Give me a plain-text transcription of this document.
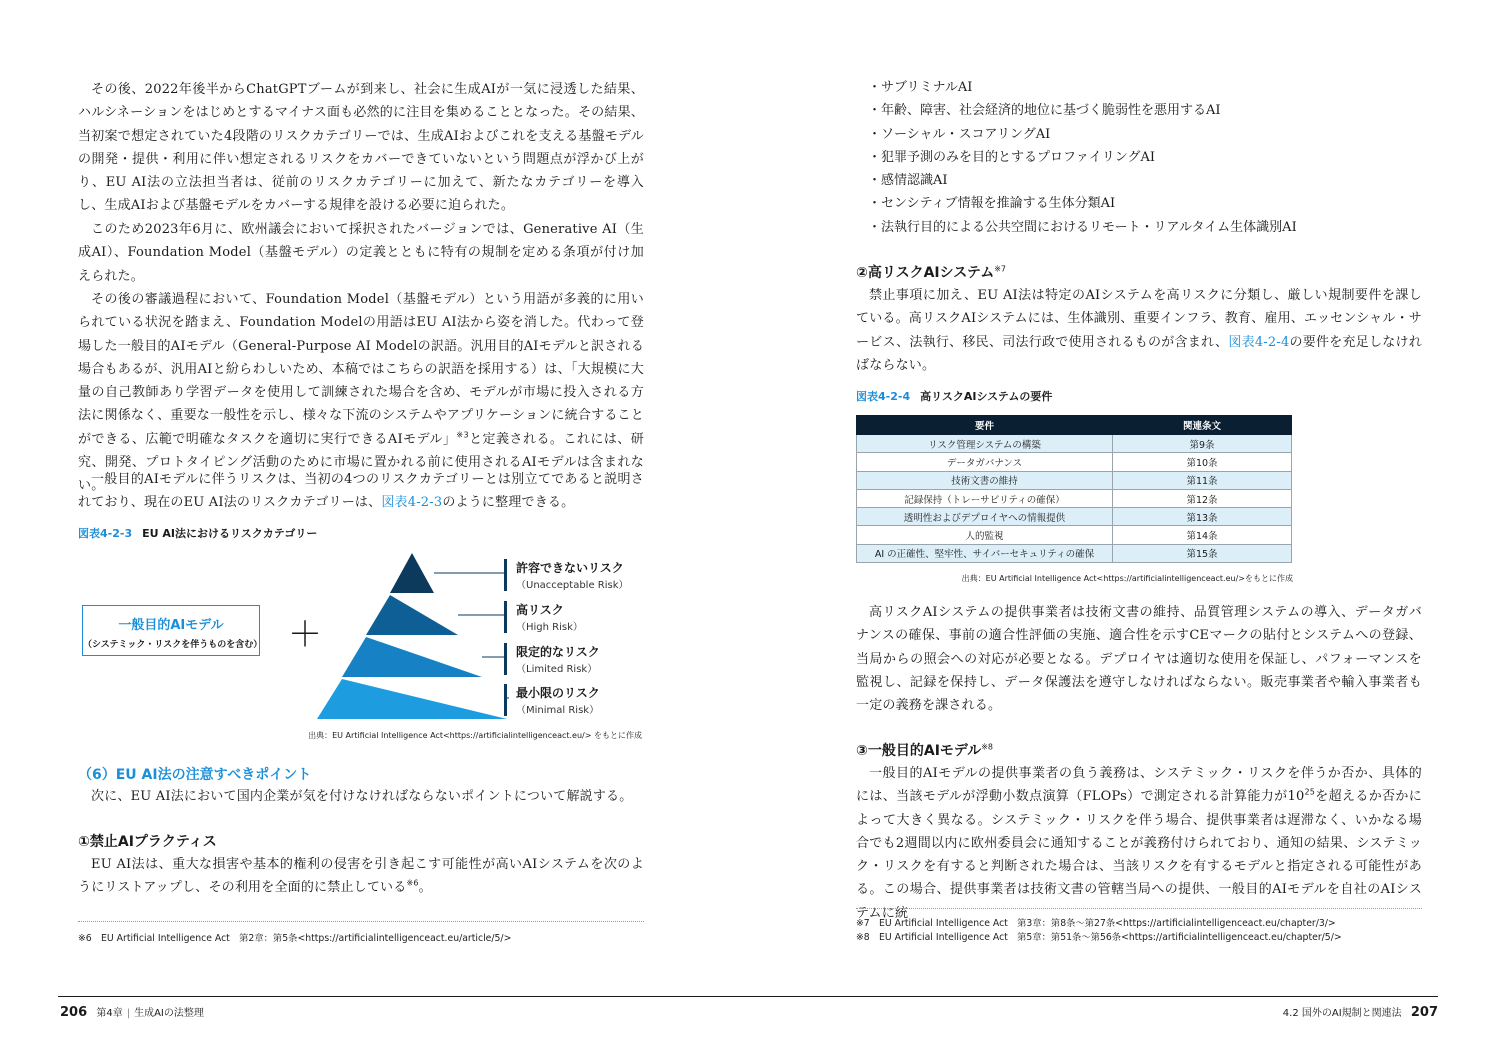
その後、2022年後半からChatGPTブームが到来し、社会に生成AIが一気に浸透した結果、ハルシネーションをはじめとするマイナス面も必然的に注目を集めることとなった。その結果、当初案で想定されていた4段階のリスクカテゴリーでは、生成AIおよびこれを支える基盤モデルの開発・提供・利用に伴い想定されるリスクをカバーできていないという問題点が浮かび上がり、EU AI法の立法担当者は、従前のリスクカテゴリーに加えて、新たなカテゴリーを導入し、生成AIおよび基盤モデルをカバーする規律を設ける必要に迫られた。

このため2023年6月に、欧州議会において採択されたバージョンでは、Generative AI（生成AI）、Foundation Model（基盤モデル）の定義とともに特有の規制を定める条項が付け加えられた。

その後の審議過程において、Foundation Model（基盤モデル）という用語が多義的に用いられている状況を踏まえ、Foundation Modelの用語はEU AI法から姿を消した。代わって登場した一般目的AIモデル（General-Purpose AI Modelの訳語。汎用目的AIモデルと訳される場合もあるが、汎用AIと紛らわしいため、本稿ではこちらの訳語を採用する）は、「大規模に大量の自己教師あり学習データを使用して訓練された場合を含め、モデルが市場に投入される方法に関係なく、重要な一般性を示し、様々な下流のシステムやアプリケーションに統合することができる、広範で明確なタスクを適切に実行できるAIモデル」$^{※3}$と定義される。これには、研究、開発、プロトタイピング活動のために市場に置かれる前に使用されるAIモデルは含まれない。

一般目的AIモデルに伴うリスクは、当初の4つのリスクカテゴリーとは別立てであると説明されており、現在のEU AI法のリスクカテゴリーは、図表4-2-3のように整理できる。

図表4-2-3 EU AI法におけるリスクカテゴリー
一般目的AIモデル
（システミック・リスクを伴うものを含む） ＋
許容できないリスク
（Unacceptable Risk）
高リスク
（High Risk）
限定的なリスク
（Limited Risk）
最小限のリスク
（Minimal Risk）
出典：EU Artificial Intelligence Act<https://artificialintelligenceact.eu/> をもとに作成
（6）EU AI法の注意すべきポイント

次に、EU AI法において国内企業が気を付けなければならないポイントについて解説する。

①禁止AIプラクティス

EU AI法は、重大な損害や基本的権利の侵害を引き起こす可能性が高いAIシステムを次のようにリストアップし、その利用を全面的に禁止している$^{※6}$。

※6　EU Artificial Intelligence Act　第2章：第5条<https://artificialintelligenceact.eu/article/5/>
206 第4章 | 生成AIの法整理
・サブリミナルAI
・年齢、障害、社会経済的地位に基づく脆弱性を悪用するAI
・ソーシャル・スコアリングAI
・犯罪予測のみを目的とするプロファイリングAI
・感情認識AI
・センシティブ情報を推論する生体分類AI
・法執行目的による公共空間におけるリモート・リアルタイム生体識別AI
②高リスクAIシステム$^{※7}$

禁止事項に加え、EU AI法は特定のAIシステムを高リスクに分類し、厳しい規制要件を課している。高リスクAIシステムには、生体識別、重要インフラ、教育、雇用、エッセンシャル・サービス、法執行、移民、司法行政で使用されるものが含まれ、図表4-2-4の要件を充足しなければならない。

図表4-2-4 高リスクAIシステムの要件
要件	関連条文
リスク管理システムの構築	第9条
データガバナンス	第10条
技術文書の維持	第11条
記録保持（トレーサビリティの確保）	第12条
透明性およびデプロイヤへの情報提供	第13条
人的監視	第14条
AI の正確性、堅牢性、サイバーセキュリティの確保	第15条
出典：EU Artificial Intelligence Act<https://artificialintelligenceact.eu/>をもとに作成

高リスクAIシステムの提供事業者は技術文書の維持、品質管理システムの導入、データガバナンスの確保、事前の適合性評価の実施、適合性を示すCEマークの貼付とシステムへの登録、当局からの照会への対応が必要となる。デプロイヤは適切な使用を保証し、パフォーマンスを監視し、記録を保持し、データ保護法を遵守しなければならない。販売事業者や輸入事業者も一定の義務を課される。

③一般目的AIモデル$^{※8}$

一般目的AIモデルの提供事業者の負う義務は、システミック・リスクを伴うか否か、具体的には、当該モデルが浮動小数点演算（FLOPs）で測定される計算能力が$10^{25}$を超えるか否かによって大きく異なる。システミック・リスクを伴う場合、提供事業者は遅滞なく、いかなる場合でも2週間以内に欧州委員会に通知することが義務付けられており、通知の結果、システミック・リスクを有すると判断された場合は、当該リスクを有するモデルと指定される可能性がある。この場合、提供事業者は技術文書の管轄当局への提供、一般目的AIモデルを自社のAIシステムに統

※7　EU Artificial Intelligence Act　第3章：第8条〜第27条<https://artificialintelligenceact.eu/chapter/3/>
※8　EU Artificial Intelligence Act　第5章：第51条〜第56条<https://artificialintelligenceact.eu/chapter/5/>
4.2 国外のAI規制と関連法 207
